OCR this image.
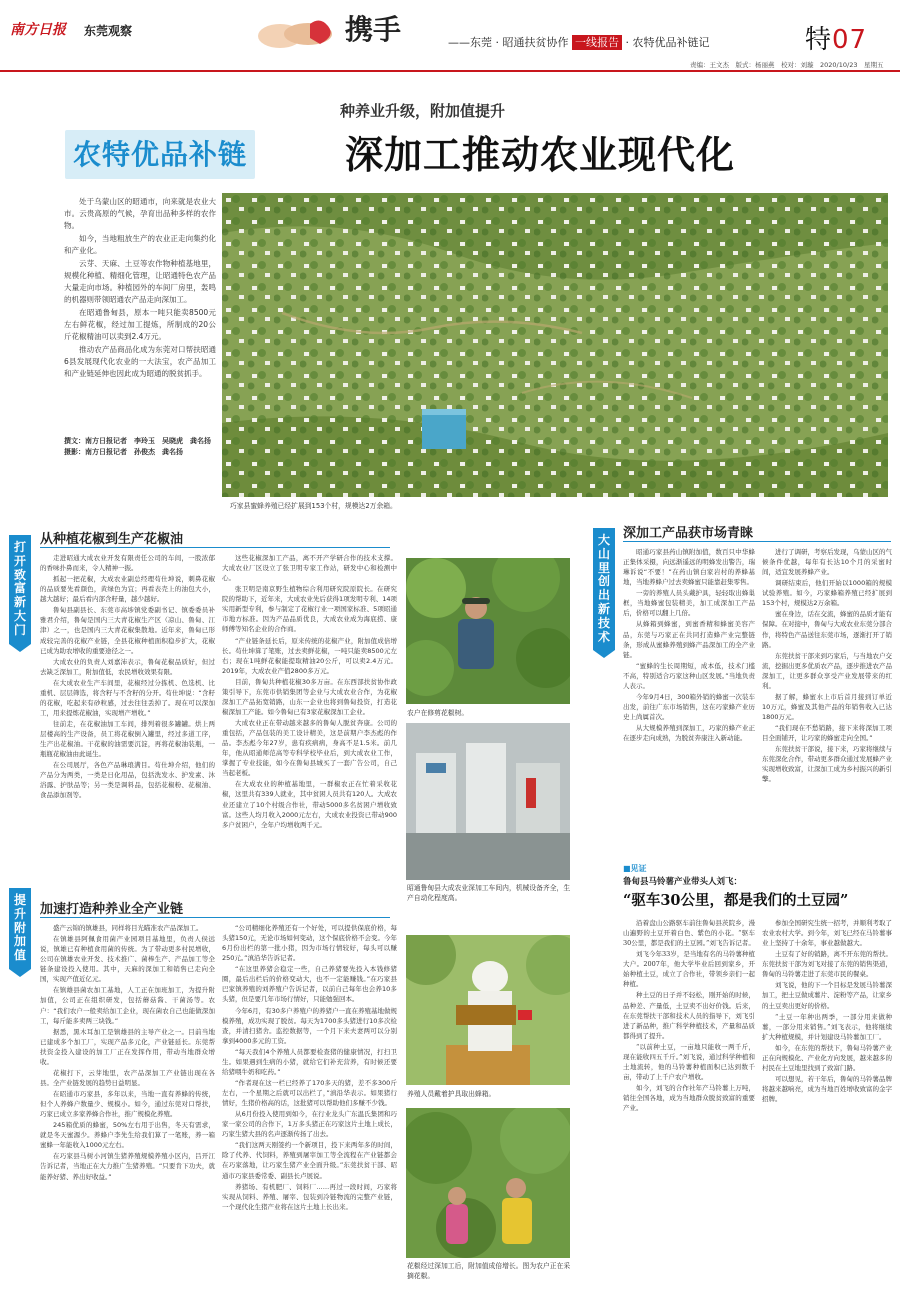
南方日报 东莞观察	携手	——东莞 · 昭通扶贫协作 一线报告 · 农特优品补链记	特07
责编：王文杰　版式：杨丽燕　校对：刘璇　2020/10/23　星期五
种养业升级，附加值提升
农特优品补链	深加工推动农业现代化

处于乌蒙山区的昭通市，向来就是农业大市。云贵高原的气候，孕育出品种多样的农作物。

如今，当地粗放生产的农业正走向集约化和产业化。

云芽、天麻、土豆等农作物种植基地里，规模化种植、精细化管理，让昭通特色农产品大量走向市场。种植园外的车间厂房里，轰鸣的机器则带领昭通农产品走向深加工。

在昭通鲁甸县，原本一吨只能卖8500元左右鲜花椒，经过加工提炼，所制成的20公斤花椒精油可以卖到2.4万元。

推动农产品商品化成为东莞对口帮扶昭通6县发展现代化农业的一大法宝，农产品加工和产业链延伸也因此成为昭通的脱贫抓手。

撰文：南方日报记者　李玲玉　吴晓虎　龚名扬
摄影：南方日报记者　孙俊杰　龚名扬
巧家县蜜蜂养殖已经扩展到153个村，规模达2万余箱。
打
开
致
富
新
大
门
提
升
附
加
值
大
山
里
创
出
新
技
术
从种植花椒到生产花椒油

走进昭通大成农业开发有限责任公司的车间，一股浓郁的香味扑鼻而来，令人精神一振。

抓起一把花椒，大成农业副总经理苟仕坤说，刺鼻花椒的品质要先看颜色，黄绿色为宜；再看表壳上的油包大小，越大越好；最后看内部含籽量，越少越好。

鲁甸县副县长、东莞市高埗镇党委副书记、镇委委员补雅君介绍，鲁甸是国内三大青花椒生产区（凉山、鲁甸、江津）之一，也是国内三大青花椒集散地。近年来，鲁甸已形成较完善的花椒产业链，全县花椒种植面积稳步扩大，花椒已成为助农增收的重要途径之一。

大成农业的负责人刘嘉沛表示，鲁甸花椒品质好，但过去缺乏深加工，附加值低，农民增收效果有限。

在大成农业生产车间里，花椒经过分拣机、色选机、比重机、层层筛选，将含籽与不含籽的分开。苟仕坤说：“含籽的花椒，吃起来有砂粒感，过去往往丢掉了。现在可以深加工，用来提炼花椒油，实现增产增收。”

往前走，在花椒油加工车间，排列着很多罐罐。烘上两层楼高的生产设备，员工将花椒倒入罐里，经过多道工序，生产出花椒油。干花椒的油需要沉淀，再将花椒油装瓶，一瓶瓶花椒油由此诞生。

在公司展厅，各色产品琳琅满目。苟仕坤介绍，他们的产品分为两类，一类是日化用品，包括洗发水、护发素、沐浴露、护肤品等；另一类是调料品，包括花椒粉、花椒油、食品添加剂等。

这些花椒深加工产品，离不开产学研合作的技术支撑。大成农业厂区设立了张卫明专家工作站，研发中心和检测中心。

张卫明是南京野生植物综合利用研究院原院长。在研究院的帮助下，近年来，大成农业先后获得1项发明专利、14项实用新型专利，参与制定了花椒行业一项国家标准、5项昭通市地方标准。因为产品品质优良，大成农业成为海底捞、康师傅等知名企业的合作商。

“产业链条延长后，原来传统的花椒产业，附加值成倍增长。苟仕坤算了笔账，过去卖鲜花椒，一吨只能卖8500元左右；现在1吨鲜花椒能提取精油20公斤，可以卖2.4万元。2019年，大成农业产值2800多万元。

目前，鲁甸共种植花椒30多万亩。在东西部扶贫协作政策引导下，东莞市供销集团等企业与大成农业合作，为花椒深加工产品拓宽销路，山东一企业也将到鲁甸投资，打造花椒深加工产能。如今鲁甸已有3家花椒深加工企业。

大成农业正在带动越来越多的鲁甸人脱贫奔康。公司的重包括，产品包装的美工设计精美，这是前期户李杰彪的作品。李杰彪今年27岁，患有疾病病，身高不足1.5米。前几年，他从昭通师范高等专科学校毕业后，到大成农业工作，掌握了专业技能，如今在鲁甸县城买了一套广告公司，自己当起老板。

在大成农业的种植基地里，一群椒农正在忙着采收花椒，这里共有339人就业，其中贫困人员共有120人。大成农业还建立了10个村级合作社，带动5000多名贫困户增收致富。这些人均月收入2000元左右，大成农业投资已带动900多户贫困户，全年户均增收两千元。

加速打造种养业全产业链

盛产云锦的镇雄县，同样将目光瞄准农产品深加工。

在镇雄县阿佩食用菌产业园项目基地里，负责人侯远说，镇雄已有种植食用菌的传统。为了带动更多村民增收，公司在镇雄农业开发、技术推广、菌棒生产、产品加工等全链条建设投入使用。其中，天麻的深加工和销售已走向全国，实现产值近亿元。

在镇雄县菌农加工基地，人工正在加班加工，为提升附加值，公司正在组织研发，包括蘑菇酱、干菌汤等。农户：“我们农户一般卖给加工企业，现在菌农自己也能做深加工，每斤能多卖两三块钱。”

据悉，黑木耳加工是镇雄县的主导产业之一。目前当地已建成多个加工厂，实现产品多元化，产业链延长。东莞帮扶资金投入建设的加工厂正在发挥作用，带动当地群众增收。

花椒打下，云芽地里，农产品深加工产业链出现在各县。全产业链发展的趋势日益明显。

在昭通市巧家县，多年以来，当地一直有养蜂的传统，但个人养蜂户数量少、规模小。如今，通过东莞对口帮扶，巧家已成立多家养蜂合作社，推广规模化养殖。

245箱优质的蜂蜜，50%左右用于出售，冬天有需求，就是冬天蜜源少。养蜂户李先生给我们算了一笔账，养一箱蜜蜂一年能收入1000元左右。

在巧家县马树小河镇生猪养殖规模养殖小区内，吕开江告诉记者，当地正在大力推广生猪养殖。“只要肯下功夫，就能养好猪、养出好收益。”

“公司精细化养殖还有一个好处，可以提供保底价格，每头猪150元，无论市场如何变动，这个保底价格不会变。今年6月份出栏的第一批小猪，因为市场行情较好，每头可以赚250元。”滇沿华告诉记者。

“在这里养猪会稳定一些，自己养猪要先投入本钱修猪圈，最后出栏后的价格变动大，也不一定能赚钱。”在巧家县巴家镇养殖的刘养殖户告诉记者，以前自己每年也会养10多头猪，但是要几年市场行情好，只能勉强回本。

今年6月，有30多户养殖户的养猪户一直在养殖基地做规模养殖，成功实现了脱贫。每天为1700多头猪进行10多次检查，并清扫猪舍。监控数据等，一个月下来夫妻两可以分别拿到4000多元的工资。

“每天我们4个养殖人员都要检查猪的健康情况，打扫卫生。如果遇到生病的小猪，就给它们补充营养，有时候还要给猪喂牛奶和吃药。”

“作者现在这一栏已经养了170多天的猪，差不多300斤左右，一个星期之后就可以出栏了，”滇沿华表示。如果猪行情好，生猪价格高的话，这批猪可以帮助他们多赚不少钱。

从6月份投入使用到如今，在行业龙头广东温氏集团和巧家一家公司的合作下，1万多头猪正在巧家这片土地上成长，巧家生猪大县的名声逐渐传扬了出去。

“我们这两天刚签约一个新项目，投下来两年多的时间，除了代养、代饲料，养殖到屠宰加工等全流程在产业链都会在巧家落地，让巧家生猪产业全面升级。”东莞扶贫干部、昭通市巧家县委常委、副县长卢展说。

养猪场、有机肥厂、饲料厂……再过一段时间，巧家将实现从饲料、养殖、屠宰、包装到冷链物流的完整产业链，一个现代化生猪产业将在这片土地上长出来。

农户在修剪花椒树。
昭通鲁甸县大成农业深加工车间内，机械设备齐全，生产自动化程度高。
养殖人员戴着护具取出蜂箱。
花椒经过深加工后，附加值成倍增长。图为农户正在采摘花椒。
深加工产品获市场青睐

昭通巧家县药山镇附加值，数百只中华蜂正集体采摄，向远渐遥远的明蜂发出警告，瑞琳诉说“不要！”在药山镇白家岩村的养蜂基地，当地养蜂户过去卖蜂蜜只能靠赶集零售。

一旁的养殖人员头戴护具，轻轻取出蜂巢框，当地蜂蜜包装精美，加工成深加工产品后，价格可以翻上几倍。

从蜂箱到蜂蜜，到蜜香精和蜂蜜美容产品，东莞与巧家正在共同打造蜂产业完整链条，形成从蜜蜂养殖到蜂产品深加工的全产业链。

“蜜蜂的生长周期短，成本低，技术门槛不高，特别适合巧家这种山区发展。”当地负责人表示。

今年9月4日，300箱外销的蜂蜜一次装车出发，前往广东市场销售，这在巧家蜂产业历史上尚属首次。

从大规模养殖到深加工，巧家的蜂产业正在逐步走向成熟，为脱贫奔康注入新动能。

进行了调研，考察后发现，乌蒙山区的气候条件优越，每年有长达10个月的采蜜时间，适宜发展养蜂产业。

调研结束后，他们开始以1000箱的规模试验养殖。如今，巧家蜂箱养殖已经扩展到153个村，规模达2万余箱。

蜜在身边，话在交流，蜂蜜的品质才能有保障。在对接中，鲁甸与大成农业东莞分部合作，将特色产品送往东莞市场，逐渐打开了销路。

东莞扶贫干部来到巧家后，与当地农户交流，挖掘出更多优质农产品，逐步推进农产品深加工，让更多群众享受产业发展带来的红利。

据了解，蜂蜜水上市后首月接到订单近10万元，蜂蜜及其他产品的年销售收入已达1800万元。

“我们现在不愁销路，接下来将深加工项目全面铺开，让巧家的蜂蜜走向全国。”

东莞扶贫干部说，接下来，巧家将继续与东莞深化合作，带动更多群众通过发展蜂产业实现增收致富，让深加工成为乡村振兴的新引擎。

■见证
鲁甸县马铃薯产业带头人刘飞：
“驱车30公里，都是我们的土豆园”

沿着盘山公路驱车前往鲁甸县茨院乡，漫山遍野的土豆开着白色、紫色的小花。“驱车30公里，都是我们的土豆园。”刘飞告诉记者。

刘飞今年33岁，是当地有名的马铃薯种植大户。2007年，他大学毕业后回到家乡，开始种植土豆，成立了合作社，带领乡亲们一起种植。

种土豆的日子并不轻松，刚开始的时候，品种差、产量低，土豆卖不出好价钱。后来，在东莞帮扶干部和技术人员的指导下，刘飞引进了新品种，推广科学种植技术，产量和品质都得到了提升。

“以前种土豆，一亩地只能收一两千斤，现在能收四五千斤。”刘飞说，通过科学种植和土地流转，他的马铃薯种植面积已达到数千亩，带动了上千户农户增收。

如今，刘飞的合作社年产马铃薯上万吨，销往全国各地，成为当地群众脱贫致富的重要产业。

参加全国研究生统一招考，并顺利考取了农业农村大学。到今年，刘飞已经在马铃薯事业上坚持了十余年，事业越做越大。

土豆有了好的销路，离不开东莞的帮扶。东莞扶贫干部为刘飞对接了东莞的销售渠道，鲁甸的马铃薯走进了东莞市民的餐桌。

刘飞说，他的下一个目标是发展马铃薯深加工，把土豆做成薯片、淀粉等产品，让家乡的土豆卖出更好的价格。

“土豆一年种出两季，一部分用来做种薯，一部分用来销售。”刘飞表示，他将继续扩大种植规模，并计划建设马铃薯加工厂。

如今，在东莞的帮扶下，鲁甸马铃薯产业正在向规模化、产业化方向发展，越来越多的村民在土豆地里找到了致富门路。

可以想见，若干年后，鲁甸的马铃薯品牌将越来越响亮，成为当地百姓增收致富的金字招牌。
